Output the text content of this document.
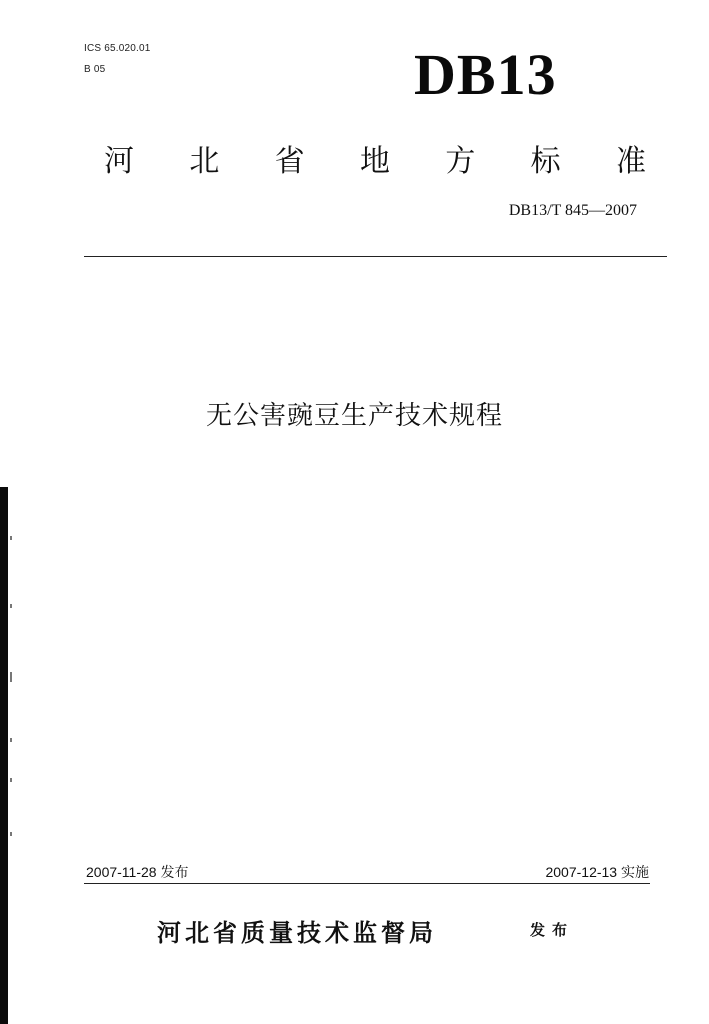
ICS 65.020.01
B 05	DB13
河 北 省 地 方 标 准
DB13/T 845—2007
无公害豌豆生产技术规程
2007-11-28 发布	2007-12-13 实施
河北省质量技术监督局	发布
